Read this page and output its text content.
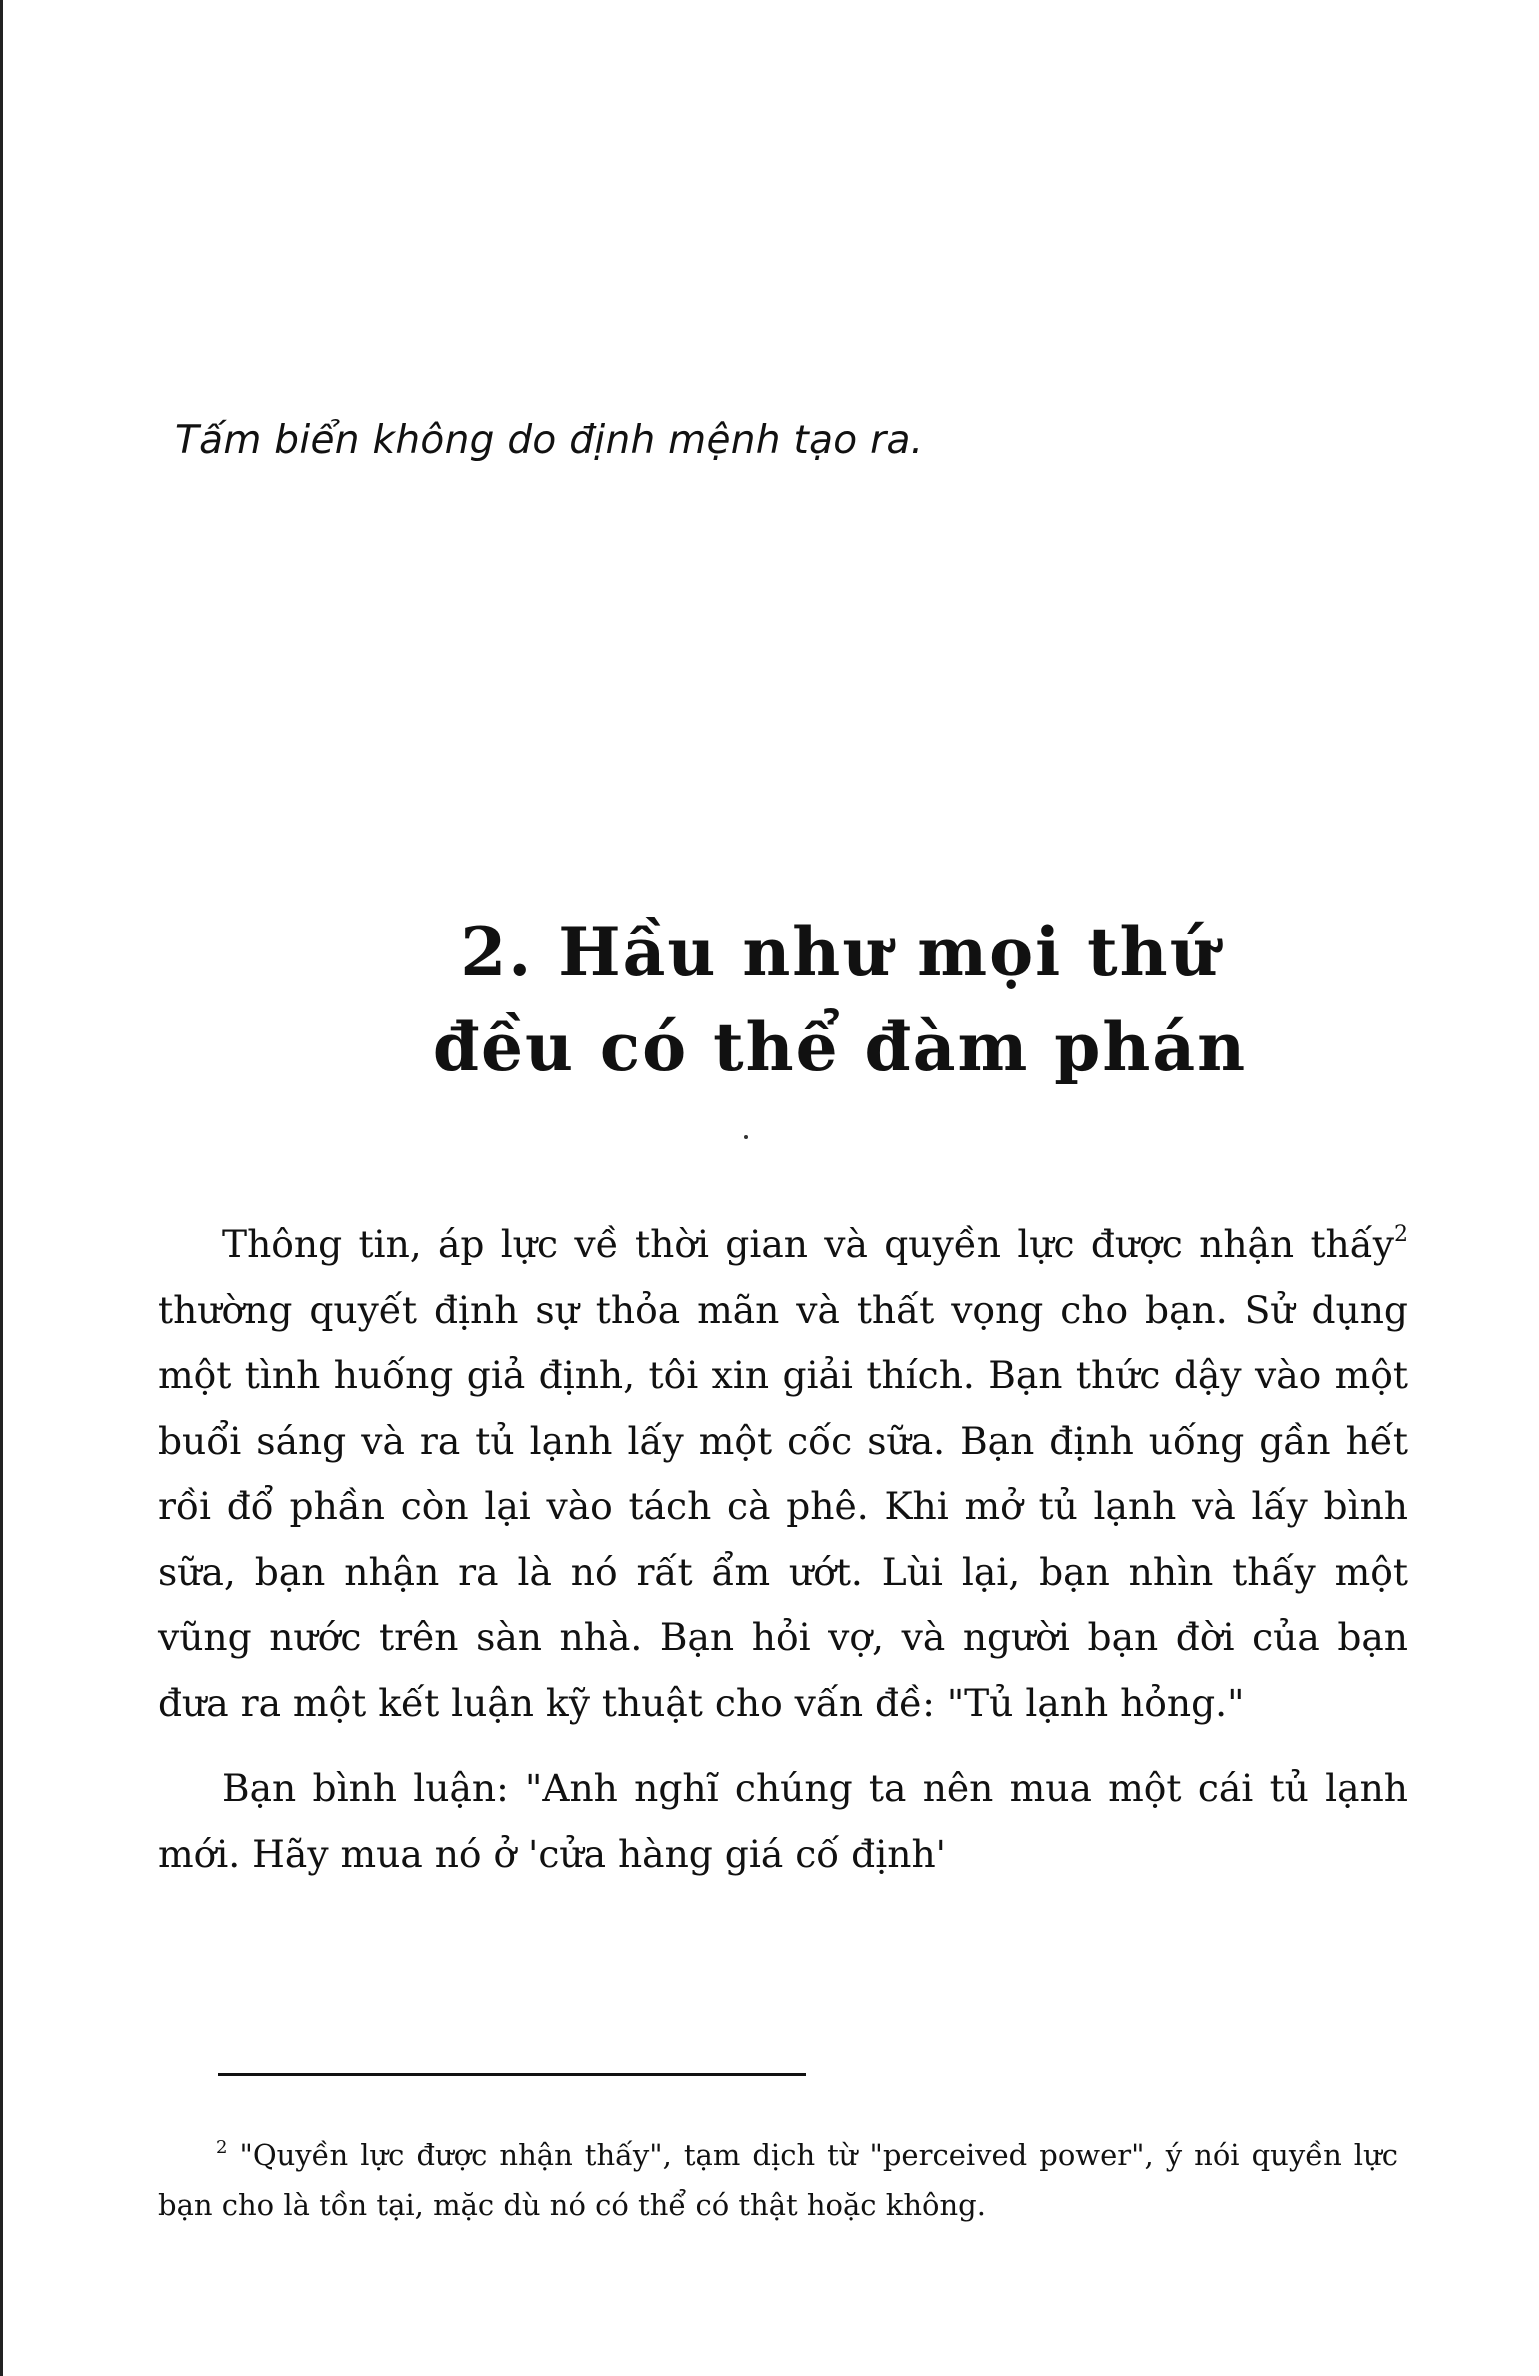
Tấm biển không do định mệnh tạo ra.
2. Hầu như mọi thứ
đều có thể đàm phán

Thông tin, áp lực về thời gian và quyền lực được nhận thấy$^2$ thường quyết định sự thỏa mãn và thất vọng cho bạn. Sử dụng một tình huống giả định, tôi xin giải thích. Bạn thức dậy vào một buổi sáng và ra tủ lạnh lấy một cốc sữa. Bạn định uống gần hết rồi đổ phần còn lại vào tách cà phê. Khi mở tủ lạnh và lấy bình sữa, bạn nhận ra là nó rất ẩm ướt. Lùi lại, bạn nhìn thấy một vũng nước trên sàn nhà. Bạn hỏi vợ, và người bạn đời của bạn đưa ra một kết luận kỹ thuật cho vấn đề: "Tủ lạnh hỏng."

Bạn bình luận: "Anh nghĩ chúng ta nên mua một cái tủ lạnh mới. Hãy mua nó ở 'cửa hàng giá cố định'

$^2$ "Quyền lực được nhận thấy", tạm dịch từ "perceived power", ý nói quyền lực bạn cho là tồn tại, mặc dù nó có thể có thật hoặc không.
